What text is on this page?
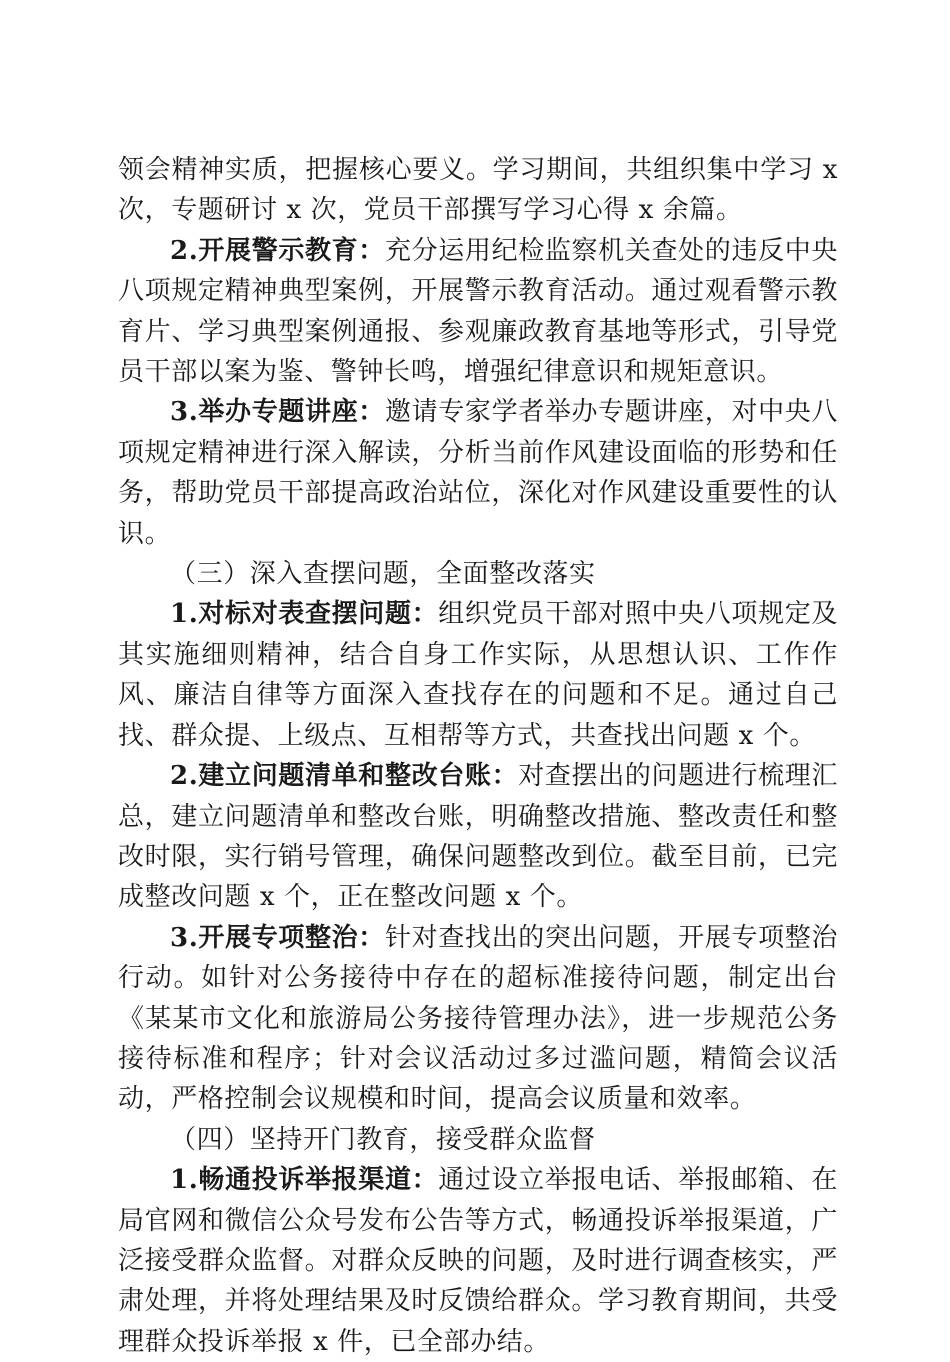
领会精神实质，把握核心要义。学习期间，共组织集中学习 x 次，专题研讨 x 次，党员干部撰写学习心得 x 余篇。

2.开展警示教育：充分运用纪检监察机关查处的违反中央八项规定精神典型案例，开展警示教育活动。通过观看警示教育片、学习典型案例通报、参观廉政教育基地等形式，引导党员干部以案为鉴、警钟长鸣，增强纪律意识和规矩意识。

3.举办专题讲座：邀请专家学者举办专题讲座，对中央八项规定精神进行深入解读，分析当前作风建设面临的形势和任务，帮助党员干部提高政治站位，深化对作风建设重要性的认识。

（三）深入查摆问题，全面整改落实

1.对标对表查摆问题：组织党员干部对照中央八项规定及其实施细则精神，结合自身工作实际，从思想认识、工作作风、廉洁自律等方面深入查找存在的问题和不足。通过自己找、群众提、上级点、互相帮等方式，共查找出问题 x 个。

2.建立问题清单和整改台账：对查摆出的问题进行梳理汇总，建立问题清单和整改台账，明确整改措施、整改责任和整改时限，实行销号管理，确保问题整改到位。截至目前，已完成整改问题 x 个，正在整改问题 x 个。

3.开展专项整治：针对查找出的突出问题，开展专项整治行动。如针对公务接待中存在的超标准接待问题，制定出台《某某市文化和旅游局公务接待管理办法》，进一步规范公务接待标准和程序；针对会议活动过多过滥问题，精简会议活动，严格控制会议规模和时间，提高会议质量和效率。

（四）坚持开门教育，接受群众监督

1.畅通投诉举报渠道：通过设立举报电话、举报邮箱、在局官网和微信公众号发布公告等方式，畅通投诉举报渠道，广泛接受群众监督。对群众反映的问题，及时进行调查核实，严肃处理，并将处理结果及时反馈给群众。学习教育期间，共受理群众投诉举报 x 件，已全部办结。
